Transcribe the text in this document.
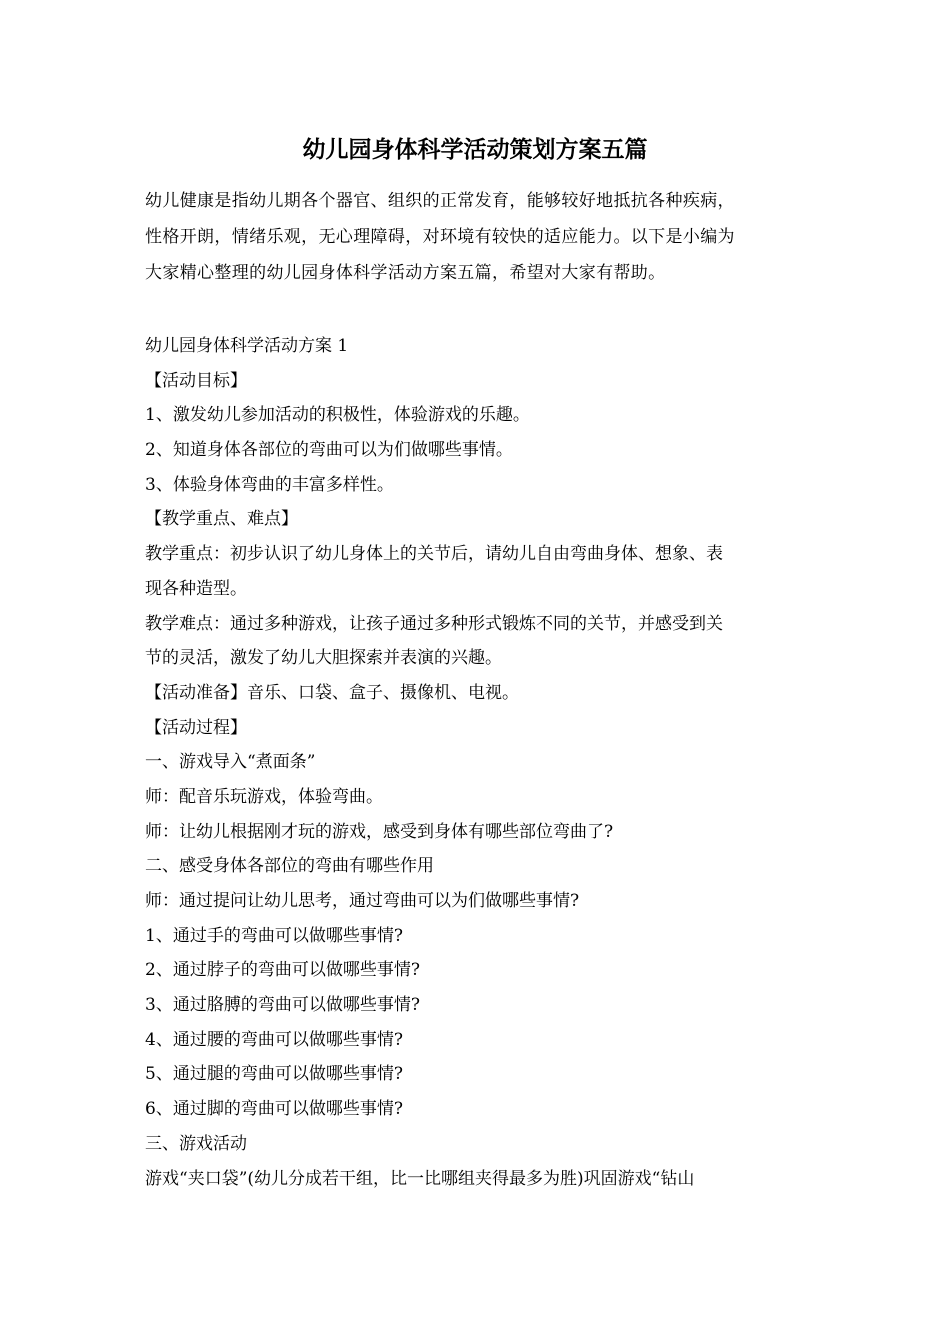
幼儿园身体科学活动策划方案五篇
幼儿健康是指幼儿期各个器官、组织的正常发育，能够较好地抵抗各种疾病，
性格开朗，情绪乐观，无心理障碍，对环境有较快的适应能力。以下是小编为
大家精心整理的幼儿园身体科学活动方案五篇，希望对大家有帮助。
幼儿园身体科学活动方案 1
【活动目标】
1、激发幼儿参加活动的积极性，体验游戏的乐趣。
2、知道身体各部位的弯曲可以为们做哪些事情。
3、体验身体弯曲的丰富多样性。
【教学重点、难点】
教学重点：初步认识了幼儿身体上的关节后，请幼儿自由弯曲身体、想象、表
现各种造型。
教学难点：通过多种游戏，让孩子通过多种形式锻炼不同的关节，并感受到关
节的灵活，激发了幼儿大胆探索并表演的兴趣。
【活动准备】音乐、口袋、盒子、摄像机、电视。
【活动过程】
一、游戏导入“煮面条”
师：配音乐玩游戏，体验弯曲。
师：让幼儿根据刚才玩的游戏，感受到身体有哪些部位弯曲了?
二、感受身体各部位的弯曲有哪些作用
师：通过提问让幼儿思考，通过弯曲可以为们做哪些事情?
1、通过手的弯曲可以做哪些事情?
2、通过脖子的弯曲可以做哪些事情?
3、通过胳膊的弯曲可以做哪些事情?
4、通过腰的弯曲可以做哪些事情?
5、通过腿的弯曲可以做哪些事情?
6、通过脚的弯曲可以做哪些事情?
三、游戏活动
游戏“夹口袋”(幼儿分成若干组，比一比哪组夹得最多为胜)巩固游戏“钻山
